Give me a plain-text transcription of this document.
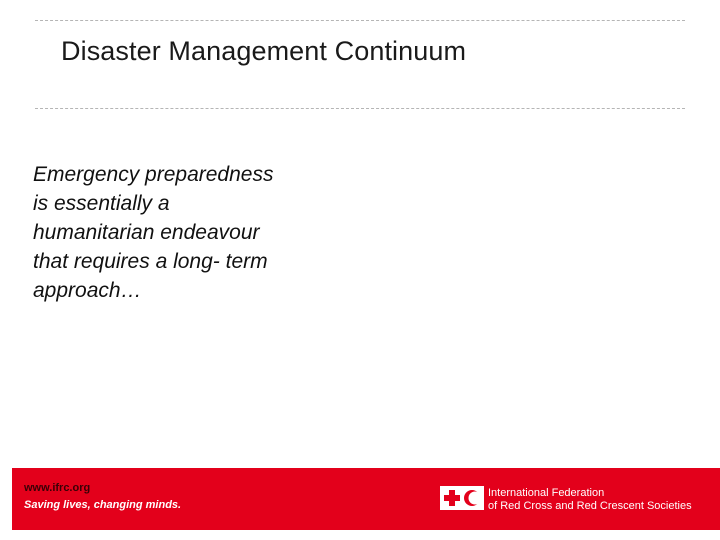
Disaster Management Continuum
Emergency preparedness is essentially a humanitarian endeavour that requires a long- term approach…
www.ifrc.org
Saving lives, changing minds.
International Federation
of Red Cross and Red Crescent Societies
